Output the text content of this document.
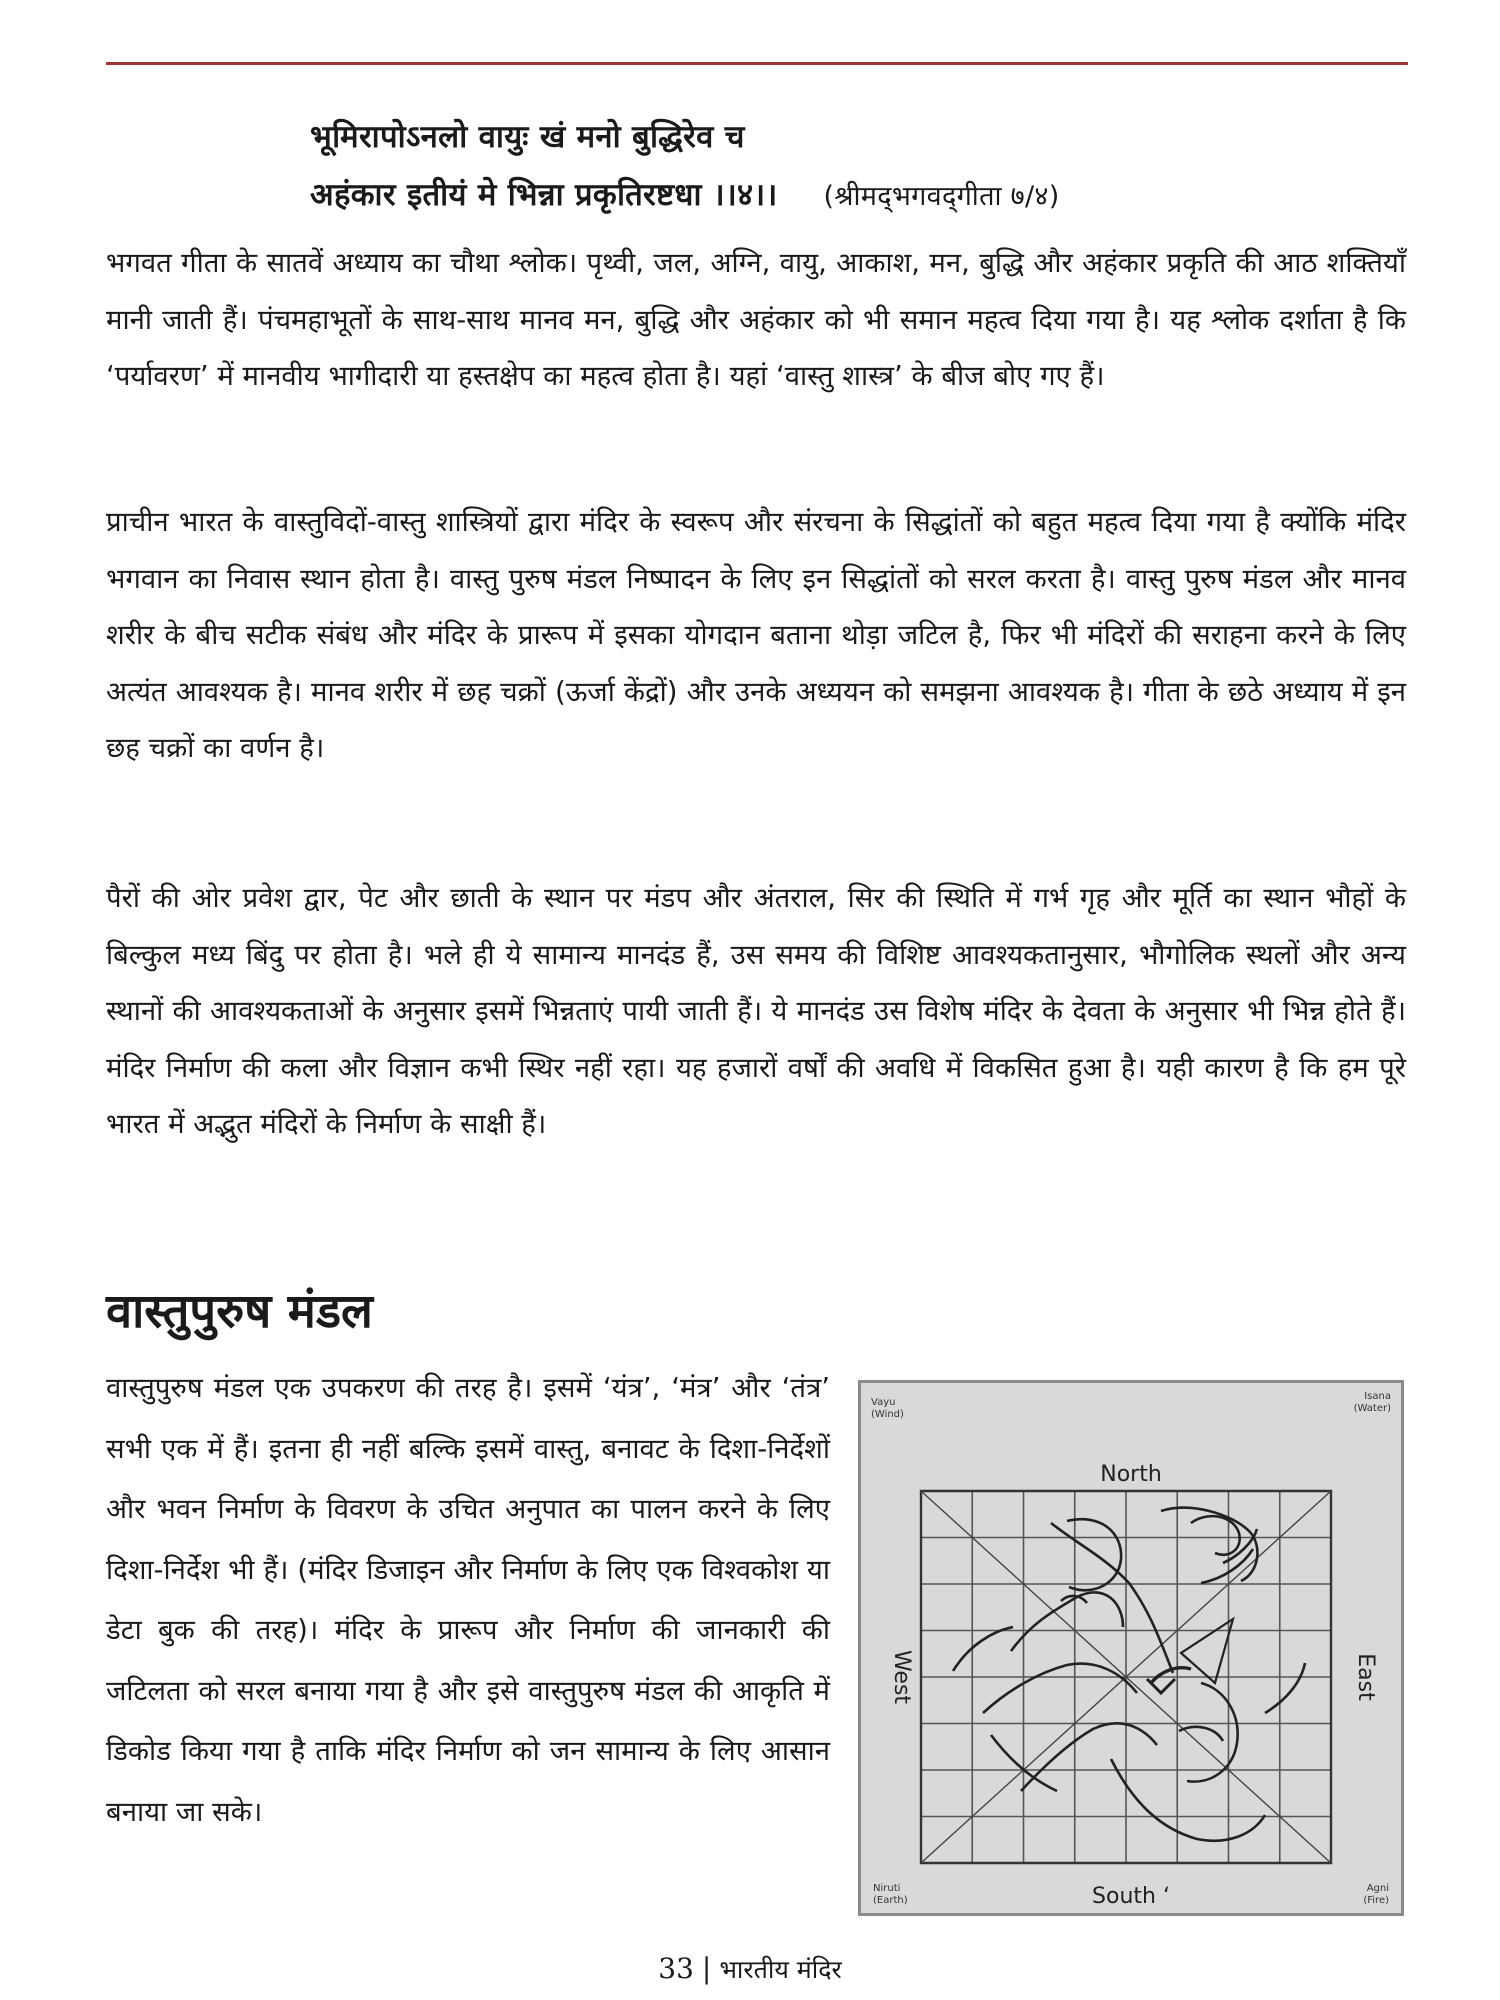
भूमिरापोऽनलो वायुः खं मनो बुद्धिरेव च
अहंकार इतीयं मे भिन्ना प्रकृतिरष्टधा ।।४।। (श्रीमद्‌भगवद्‌गीता ७/४)

भगवत गीता के सातवें अध्याय का चौथा श्लोक। पृथ्वी, जल, अग्नि, वायु, आकाश, मन, बुद्धि और अहंकार प्रकृति की आठ शक्तियाँ मानी जाती हैं। पंचमहाभूतों के साथ-साथ मानव मन, बुद्धि और अहंकार को भी समान महत्व दिया गया है। यह श्लोक दर्शाता है कि ‘पर्यावरण’ में मानवीय भागीदारी या हस्तक्षेप का महत्व होता है। यहां ‘वास्तु शास्त्र’ के बीज बोए गए हैं।

प्राचीन भारत के वास्तुविदों-वास्तु शास्त्रियों द्वारा मंदिर के स्वरूप और संरचना के सिद्धांतों को बहुत महत्व दिया गया है क्योंकि मंदिर भगवान का निवास स्थान होता है। वास्तु पुरुष मंडल निष्पादन के लिए इन सिद्धांतों को सरल करता है। वास्तु पुरुष मंडल और मानव शरीर के बीच सटीक संबंध और मंदिर के प्रारूप में इसका योगदान बताना थोड़ा जटिल है, फिर भी मंदिरों की सराहना करने के लिए अत्यंत आवश्यक है। मानव शरीर में छह चक्रों (ऊर्जा केंद्रों) और उनके अध्ययन को समझना आवश्यक है। गीता के छठे अध्याय में इन छह चक्रों का वर्णन है।

पैरों की ओर प्रवेश द्वार, पेट और छाती के स्थान पर मंडप और अंतराल, सिर की स्थिति में गर्भ गृह और मूर्ति का स्थान भौहों के बिल्कुल मध्य बिंदु पर होता है। भले ही ये सामान्य मानदंड हैं, उस समय की विशिष्ट आवश्यकतानुसार, भौगोलिक स्थलों और अन्य स्थानों की आवश्यकताओं के अनुसार इसमें भिन्नताएं पायी जाती हैं। ये मानदंड उस विशेष मंदिर के देवता के अनुसार भी भिन्न होते हैं। मंदिर निर्माण की कला और विज्ञान कभी स्थिर नहीं रहा। यह हजारों वर्षों की अवधि में विकसित हुआ है। यही कारण है कि हम पूरे भारत में अद्भुत मंदिरों के निर्माण के साक्षी हैं।

वास्तुपुरुष मंडल

वास्तुपुरुष मंडल एक उपकरण की तरह है। इसमें ‘यंत्र’, ‘मंत्र’ और ‘तंत्र’ सभी एक में हैं। इतना ही नहीं बल्कि इसमें वास्तु, बनावट के दिशा-निर्देशों और भवन निर्माण के विवरण के उचित अनुपात का पालन करने के लिए दिशा-निर्देश भी हैं। (मंदिर डिजाइन और निर्माण के लिए एक विश्वकोश या डेटा बुक की तरह)। मंदिर के प्रारूप और निर्माण की जानकारी की जटिलता को सरल बनाया गया है और इसे वास्तुपुरुष मंडल की आकृति में डिकोड किया गया है ताकि मंदिर निर्माण को जन सामान्य के लिए आसान बनाया जा सके।

North
South ‘
East
West
Vayu
(Wind)
Isana
(Water)
Niruti
(Earth)
Agni
(Fire)
33 | भारतीय मंदिर
